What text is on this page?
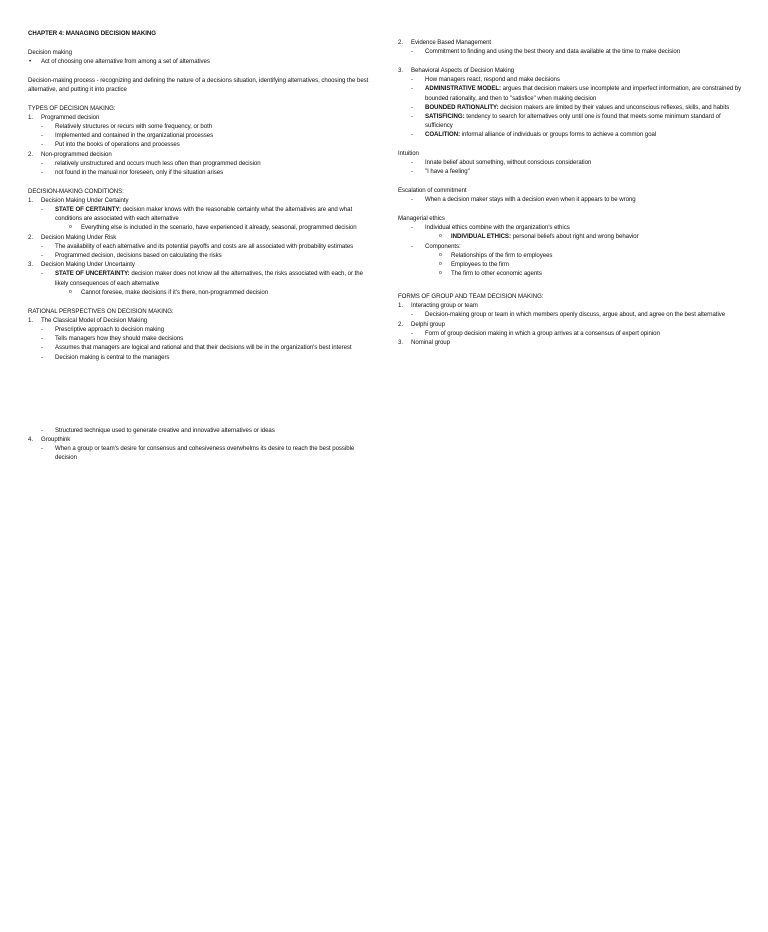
CHAPTER 4: MANAGING DECISION MAKING
Decision making
• Act of choosing one alternative from among a set of alternatives
Decision-making process - recognizing and defining the nature of a decisions situation, identifying alternatives, choosing the best alternative, and putting it into practice
TYPES OF DECISION MAKING:
1. Programmed decision
- Relatively structures or recurs with some frequency, or both
- Implemented and contained in the organizational processes
- Put into the books of operations and processes
2. Non-programmed decision
- relatively unstructured and occurs much less often than programmed decision
- not found in the manual nor foreseen, only if the situation arises
DECISION-MAKING CONDITIONS:
1. Decision Making Under Certainty
- STATE OF CERTAINTY: decision maker knows with the reasonable certainty what the alternatives are and what conditions are associated with each alternative
o Everything else is included in the scenario, have experienced it already, seasonal, programmed decision
2. Decision Making Under Risk
- The availability of each alternative and its potential payoffs and costs are all associated with probability estimates
- Programmed decision, decisions based on calculating the risks
3. Decision Making Under Uncertainty
- STATE OF UNCERTAINTY: decision maker does not know all the alternatives, the risks associated with each, or the likely consequences of each alternative
o Cannot foresee, make decisions if it's there, non-programmed decision
RATIONAL PERSPECTIVES ON DECISION MAKING:
1. The Classical Model of Decision Making
- Prescriptive approach to decision making
- Tells managers how they should make decisions
- Assumes that managers are logical and rational and that their decisions will be in the organization's best interest
- Decision making is central to the managers
- Structured technique used to generate creative and innovative alternatives or ideas
4. Groupthink
- When a group or team's desire for consensus and cohesiveness overwhelms its desire to reach the best possible decision
2. Evidence Based Management
- Commitment to finding and using the best theory and data available at the time to make decision
3. Behavioral Aspects of Decision Making
- How managers react, respond and make decisions
- ADMINISTRATIVE MODEL: argues that decision makers use incomplete and imperfect information, are constrained by bounded rationality, and then to "satisfice" when making decision
- BOUNDED RATIONALITY: decision makers are limited by their values and unconscious reflexes, skills, and habits
- SATISFICING: tendency to search for alternatives only until one is found that meets some minimum standard of sufficiency
- COALITION: informal alliance of individuals or groups forms to achieve a common goal
Intuition
- Innate belief about something, without conscious consideration
- "I have a feeling"
Escalation of commitment
- When a decision maker stays with a decision even when it appears to be wrong
Managerial ethics
- Individual ethics combine with the organization's ethics
o INDIVIDUAL ETHICS: personal beliefs about right and wrong behavior
- Components:
o Relationships of the firm to employees
o Employees to the firm
o The firm to other economic agents
FORMS OF GROUP AND TEAM DECISION MAKING:
1. Interacting group or team
- Decision-making group or team in which members openly discuss, argue about, and agree on the best alternative
2. Delphi group
- Form of group decision making in which a group arrives at a consensus of expert opinion
3. Nominal group
